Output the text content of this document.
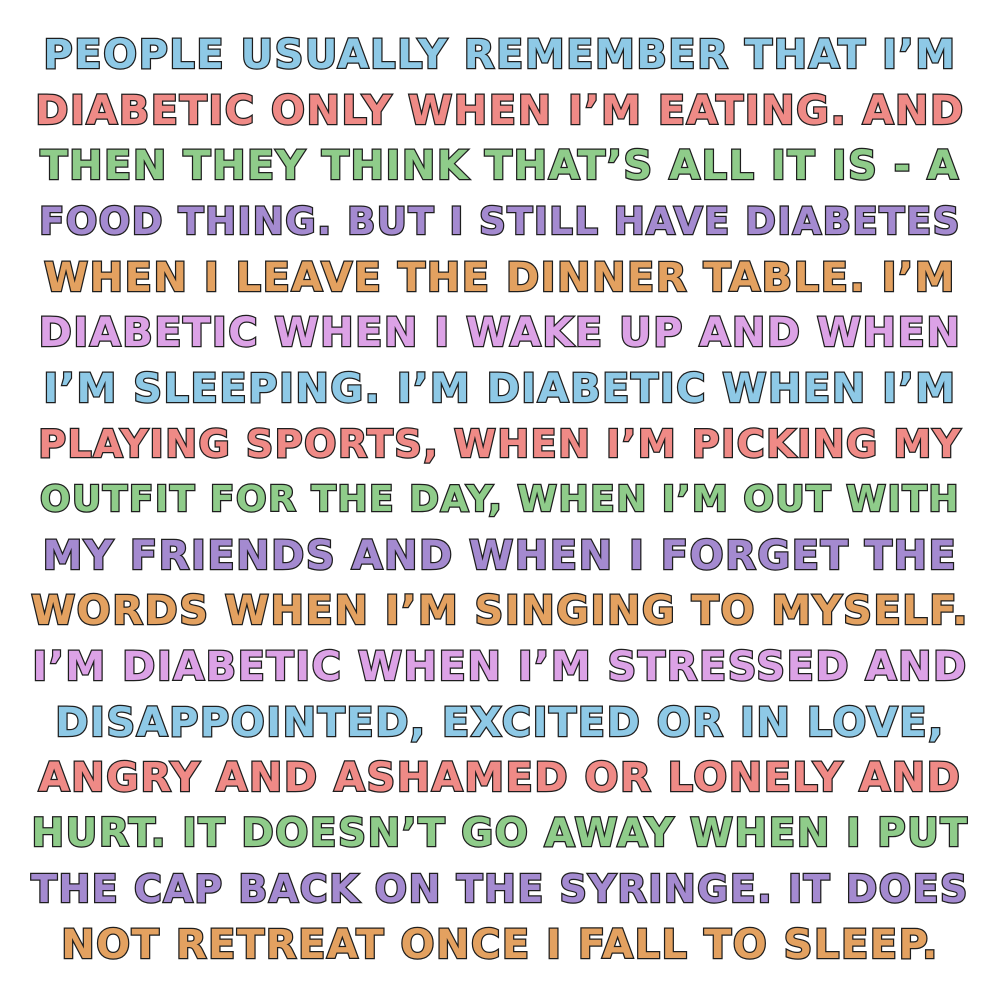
PEOPLE USUALLY REMEMBER THAT I’M
DIABETIC ONLY WHEN I’M EATING. AND
THEN THEY THINK THAT’S ALL IT IS - A
FOOD THING. BUT I STILL HAVE DIABETES
WHEN I LEAVE THE DINNER TABLE. I’M
DIABETIC WHEN I WAKE UP AND WHEN
I’M SLEEPING. I’M DIABETIC WHEN I’M
PLAYING SPORTS, WHEN I’M PICKING MY
OUTFIT FOR THE DAY, WHEN I’M OUT WITH
MY FRIENDS AND WHEN I FORGET THE
WORDS WHEN I’M SINGING TO MYSELF.
I’M DIABETIC WHEN I’M STRESSED AND
DISAPPOINTED, EXCITED OR IN LOVE,
ANGRY AND ASHAMED OR LONELY AND
HURT. IT DOESN’T GO AWAY WHEN I PUT
THE CAP BACK ON THE SYRINGE. IT DOES
NOT RETREAT ONCE I FALL TO SLEEP.
